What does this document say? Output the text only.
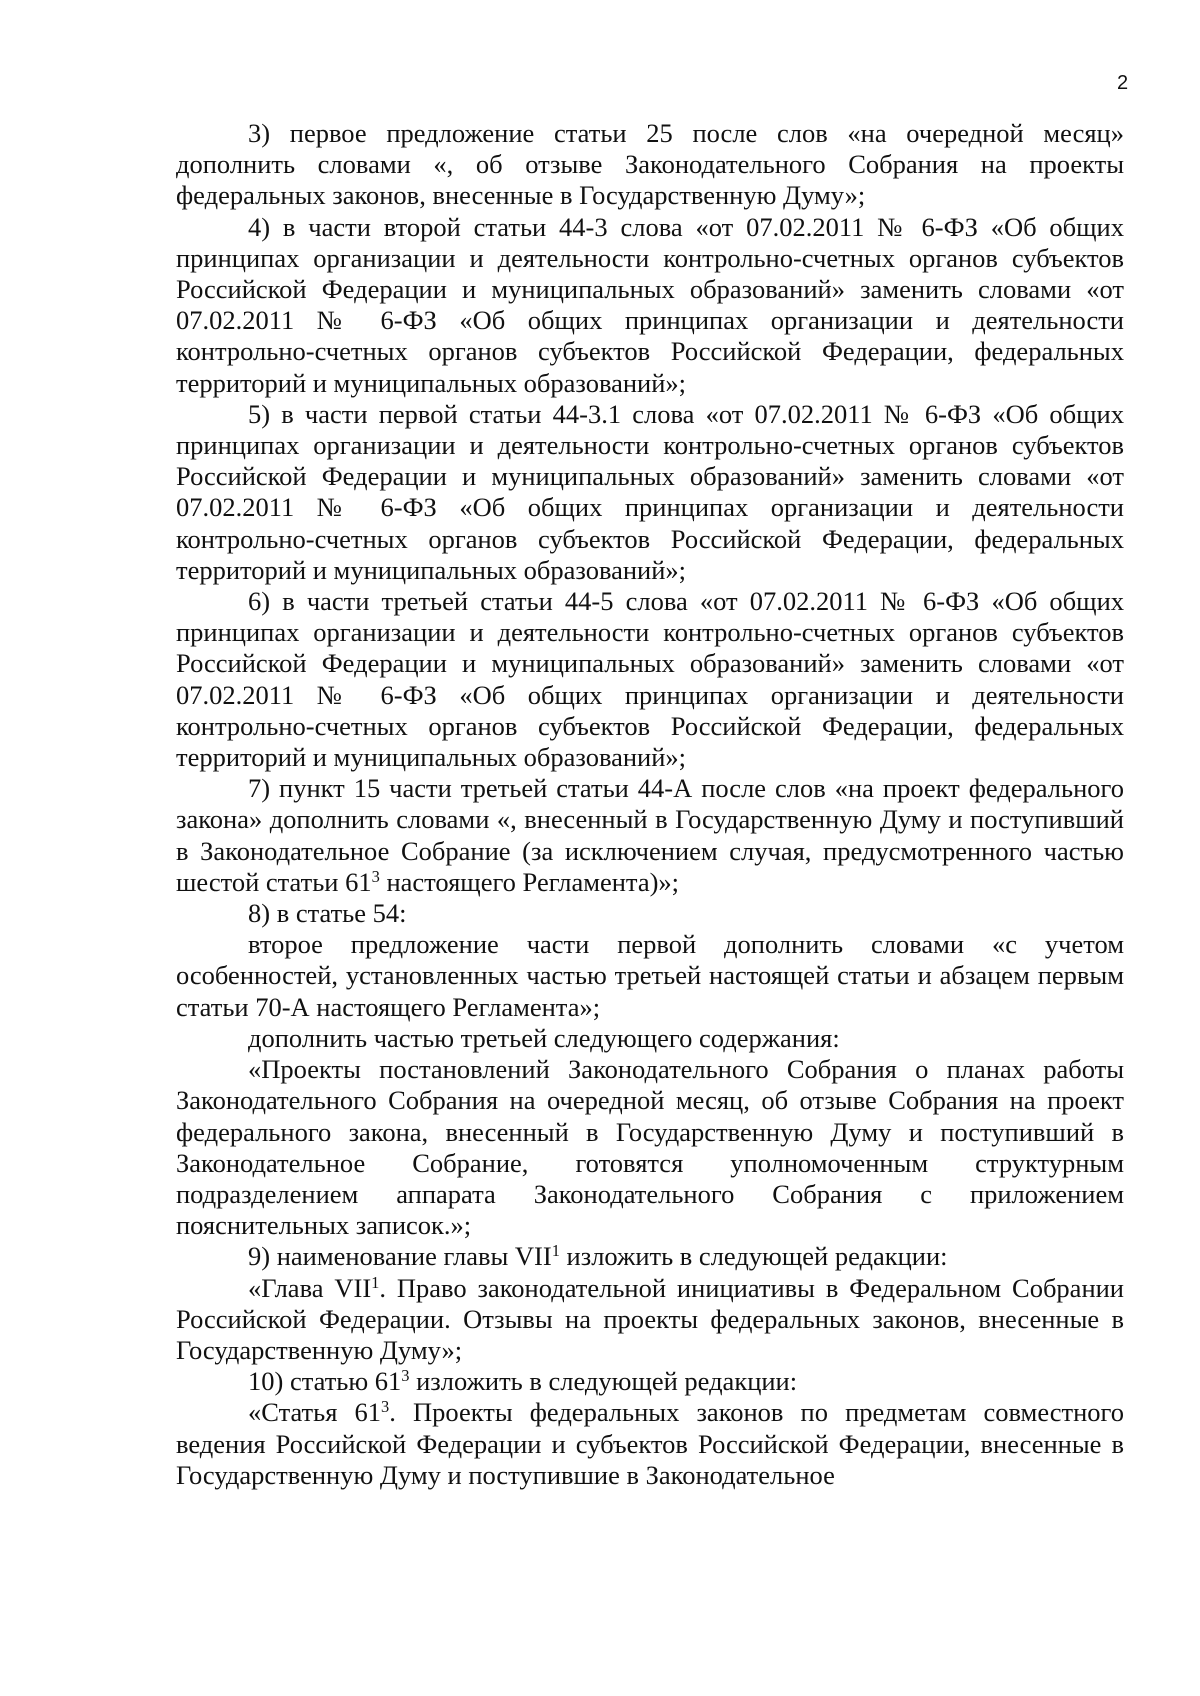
2

3) первое предложение статьи 25 после слов «на очередной месяц» дополнить словами «, об отзыве Законодательного Собрания на проекты федеральных законов, внесенные в Государственную Думу»;

4) в части второй статьи 44-3 слова «от 07.02.2011 № 6-ФЗ «Об общих принципах организации и деятельности контрольно-счетных органов субъектов Российской Федерации и муниципальных образований» заменить словами «от 07.02.2011 № 6-ФЗ «Об общих принципах организации и деятельности контрольно-счетных органов субъектов Российской Федерации, федеральных территорий и муниципальных образований»;

5) в части первой статьи 44-3.1 слова «от 07.02.2011 № 6-ФЗ «Об общих принципах организации и деятельности контрольно-счетных органов субъектов Российской Федерации и муниципальных образований» заменить словами «от 07.02.2011 № 6-ФЗ «Об общих принципах организации и деятельности контрольно-счетных органов субъектов Российской Федерации, федеральных территорий и муниципальных образований»;

6) в части третьей статьи 44-5 слова «от 07.02.2011 № 6-ФЗ «Об общих принципах организации и деятельности контрольно-счетных органов субъектов Российской Федерации и муниципальных образований» заменить словами «от 07.02.2011 № 6-ФЗ «Об общих принципах организации и деятельности контрольно-счетных органов субъектов Российской Федерации, федеральных территорий и муниципальных образований»;

7) пункт 15 части третьей статьи 44-А после слов «на проект федерального закона» дополнить словами «, внесенный в Государственную Думу и поступивший в Законодательное Собрание (за исключением случая, предусмотренного частью шестой статьи $61^3$ настоящего Регламента)»;

8) в статье 54:

второе предложение части первой дополнить словами «с учетом особенностей, установленных частью третьей настоящей статьи и абзацем первым статьи 70-А настоящего Регламента»;

дополнить частью третьей следующего содержания:

«Проекты постановлений Законодательного Собрания о планах работы Законодательного Собрания на очередной месяц, об отзыве Собрания на проект федерального закона, внесенный в Государственную Думу и поступивший в Законодательное Собрание, готовятся уполномоченным структурным подразделением аппарата Законодательного Собрания с приложением пояснительных записок.»;

9) наименование главы VII$^1$ изложить в следующей редакции:

«Глава VII$^1$. Право законодательной инициативы в Федеральном Собрании Российской Федерации. Отзывы на проекты федеральных законов, внесенные в Государственную Думу»;

10) статью $61^3$ изложить в следующей редакции:

«Статья $61^3$. Проекты федеральных законов по предметам совместного ведения Российской Федерации и субъектов Российской Федерации, внесенные в Государственную Думу и поступившие в Законодательное
